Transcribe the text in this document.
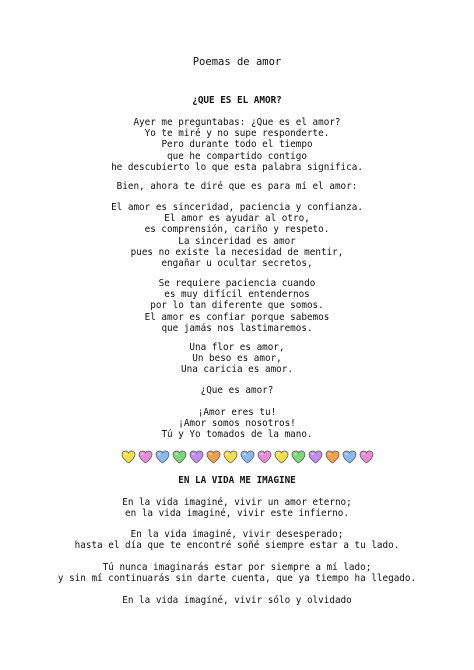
Poemas de amor
¿QUE ES EL AMOR?
Ayer me preguntabas: ¿Que es el amor?
Yo te miré y no supe responderte.
Pero durante todo el tiempo
que he compartido contigo
he descubierto lo que esta palabra significa.
Bien, ahora te diré que es para mí el amor:
El amor es sinceridad, paciencia y confianza.
El amor es ayudar al otro,
es comprensión, cariño y respeto.
La sinceridad es amor
pues no existe la necesidad de mentir,
engañar u ocultar secretos,
Se requiere paciencia cuando
es muy difícil entendernos
por lo tan diferente que somos.
El amor es confiar porque sabemos
que jamás nos lastimaremos.
Una flor es amor,
Un beso es amor,
Una caricia es amor.
¿Que es amor?
¡Amor eres tu!
¡Amor somos nosotros!
Tú y Yo tomados de la mano.
EN LA VIDA ME IMAGINE
En la vida imaginé, vivir un amor eterno;
en la vida imaginé, vivir este infierno.
En la vida imaginé, vivir desesperado;
hasta el día que te encontré soñé siempre estar a tu lado.
Tú nunca imaginarás estar por siempre a mí lado;
y sin mí continuarás sin darte cuenta, que ya tiempo ha llegado.
En la vida imaginé, vivir sólo y olvidado
